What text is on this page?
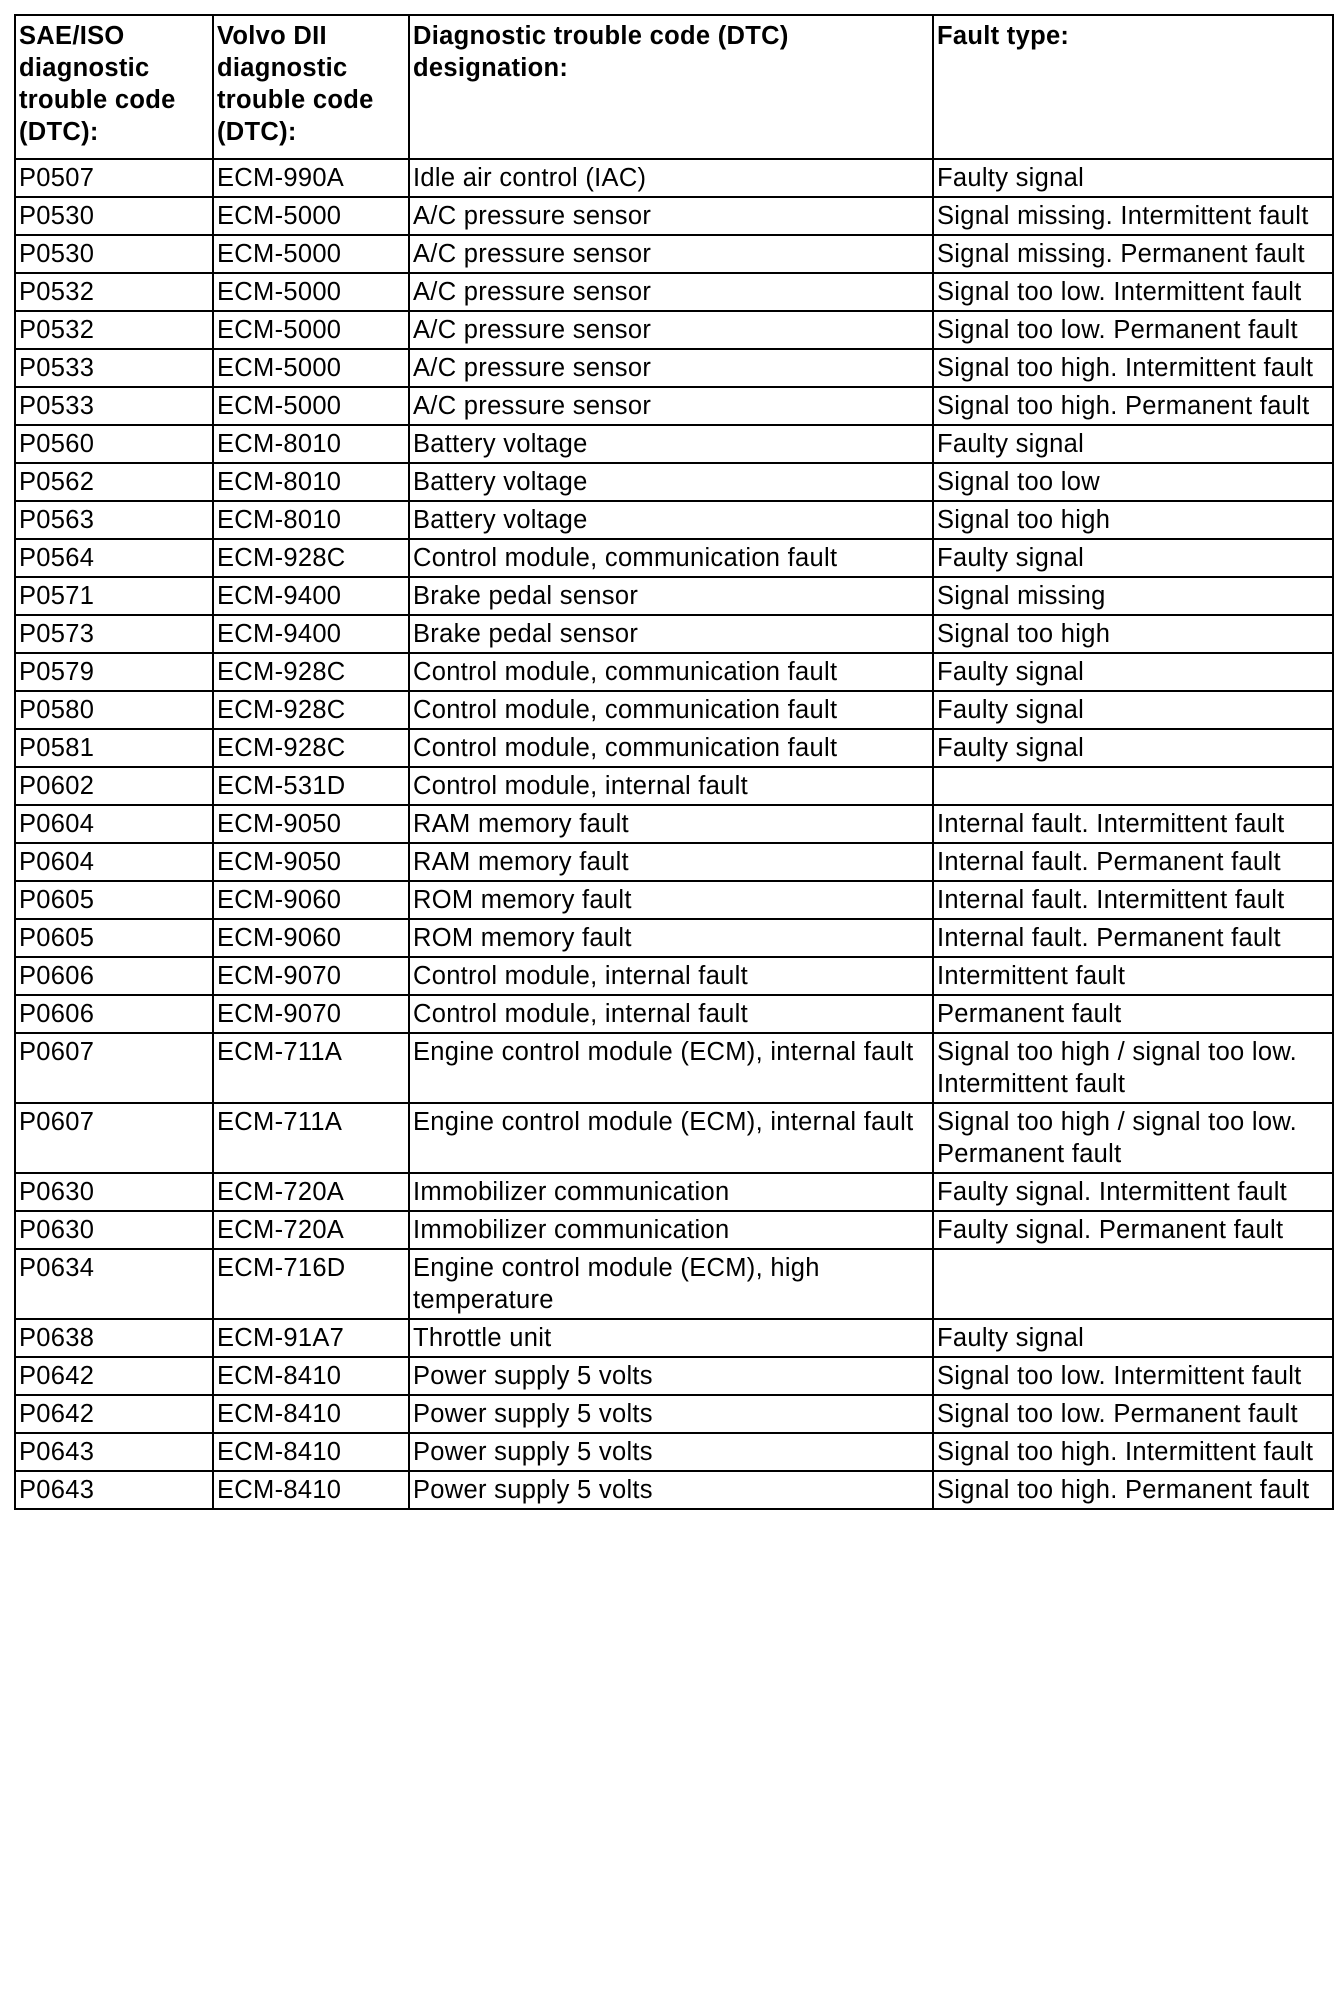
SAE/ISO diagnostic trouble code (DTC):	Volvo DII diagnostic trouble code (DTC):	Diagnostic trouble code (DTC) designation:	Fault type:
P0507	ECM-990A	Idle air control (IAC)	Faulty signal
P0530	ECM-5000	A/C pressure sensor	Signal missing. Intermittent fault
P0530	ECM-5000	A/C pressure sensor	Signal missing. Permanent fault
P0532	ECM-5000	A/C pressure sensor	Signal too low. Intermittent fault
P0532	ECM-5000	A/C pressure sensor	Signal too low. Permanent fault
P0533	ECM-5000	A/C pressure sensor	Signal too high. Intermittent fault
P0533	ECM-5000	A/C pressure sensor	Signal too high. Permanent fault
P0560	ECM-8010	Battery voltage	Faulty signal
P0562	ECM-8010	Battery voltage	Signal too low
P0563	ECM-8010	Battery voltage	Signal too high
P0564	ECM-928C	Control module, communication fault	Faulty signal
P0571	ECM-9400	Brake pedal sensor	Signal missing
P0573	ECM-9400	Brake pedal sensor	Signal too high
P0579	ECM-928C	Control module, communication fault	Faulty signal
P0580	ECM-928C	Control module, communication fault	Faulty signal
P0581	ECM-928C	Control module, communication fault	Faulty signal
P0602	ECM-531D	Control module, internal fault	
P0604	ECM-9050	RAM memory fault	Internal fault. Intermittent fault
P0604	ECM-9050	RAM memory fault	Internal fault. Permanent fault
P0605	ECM-9060	ROM memory fault	Internal fault. Intermittent fault
P0605	ECM-9060	ROM memory fault	Internal fault. Permanent fault
P0606	ECM-9070	Control module, internal fault	Intermittent fault
P0606	ECM-9070	Control module, internal fault	Permanent fault
P0607	ECM-711A	Engine control module (ECM), internal fault	Signal too high / signal too low. Intermittent fault
P0607	ECM-711A	Engine control module (ECM), internal fault	Signal too high / signal too low. Permanent fault
P0630	ECM-720A	Immobilizer communication	Faulty signal. Intermittent fault
P0630	ECM-720A	Immobilizer communication	Faulty signal. Permanent fault
P0634	ECM-716D	Engine control module (ECM), high temperature	
P0638	ECM-91A7	Throttle unit	Faulty signal
P0642	ECM-8410	Power supply 5 volts	Signal too low. Intermittent fault
P0642	ECM-8410	Power supply 5 volts	Signal too low. Permanent fault
P0643	ECM-8410	Power supply 5 volts	Signal too high. Intermittent fault
P0643	ECM-8410	Power supply 5 volts	Signal too high. Permanent fault
